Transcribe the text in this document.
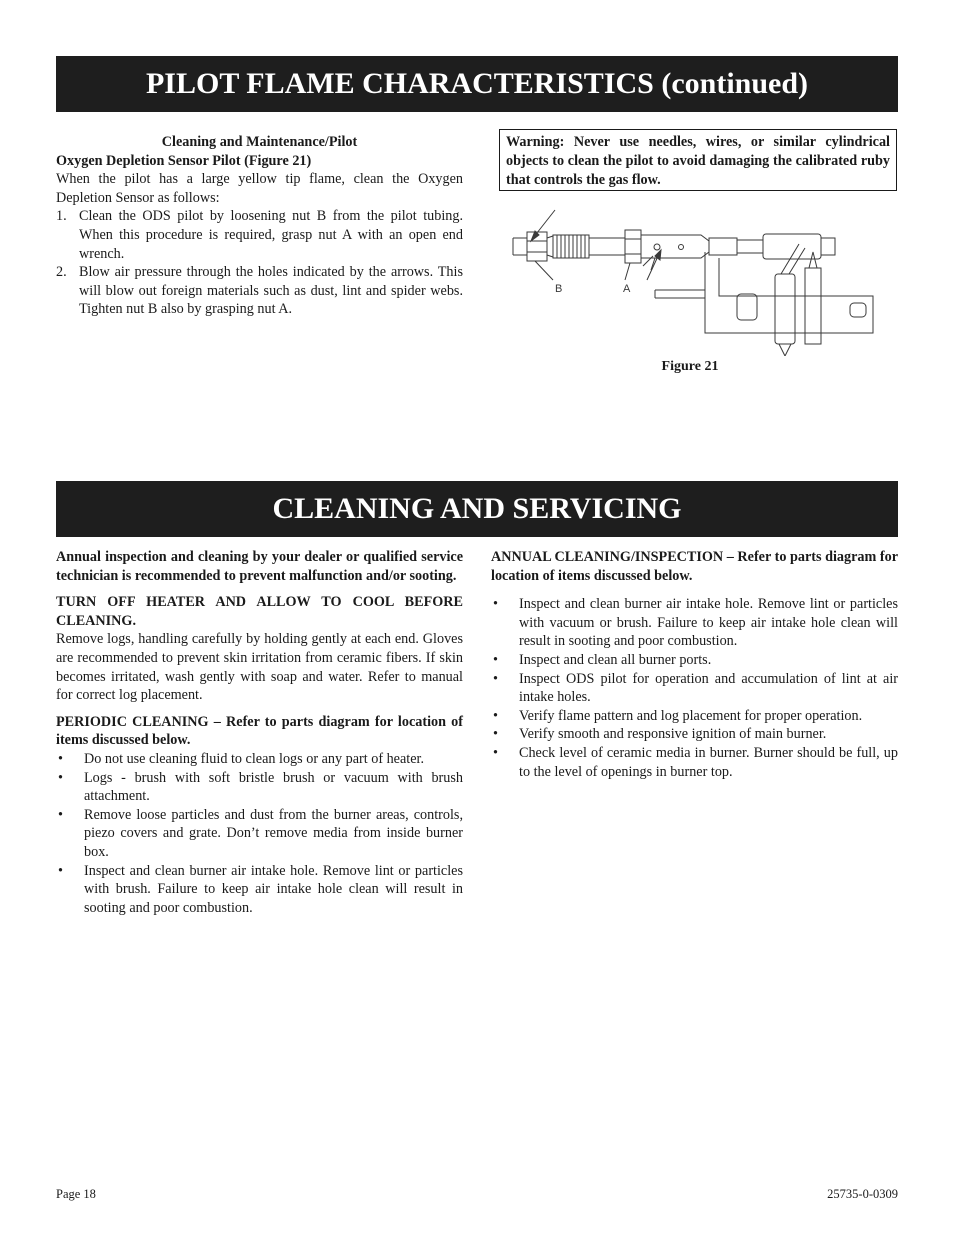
PILOT FLAME CHARACTERISTICS (continued)

Cleaning and Maintenance/Pilot

Oxygen Depletion Sensor Pilot (Figure 21)

When the pilot has a large yellow tip flame, clean the Oxygen Depletion Sensor as follows:

1. Clean the ODS pilot by loosening nut B from the pilot tubing. When this procedure is required, grasp nut A with an open end wrench.
2. Blow air pressure through the holes indicated by the arrows. This will blow out foreign materials such as dust, lint and spider webs. Tighten nut B also by grasping nut A.
Warning: Never use needles, wires, or similar cylindrical objects to clean the pilot to avoid damaging the calibrated ruby that controls the gas flow.
B	A
Figure 21
CLEANING AND SERVICING

Annual inspection and cleaning by your dealer or qualified service technician is recommended to prevent malfunction and/or sooting.

TURN OFF HEATER AND ALLOW TO COOL BEFORE CLEANING.

Remove logs, handling carefully by holding gently at each end. Gloves are recommended to prevent skin irritation from ceramic fibers. If skin becomes irritated, wash gently with soap and water. Refer to manual for correct log placement.

PERIODIC CLEANING – Refer to parts diagram for location of items discussed below.

• Do not use cleaning fluid to clean logs or any part of heater.
• Logs - brush with soft bristle brush or vacuum with brush attachment.
• Remove loose particles and dust from the burner areas, controls, piezo covers and grate. Don’t remove media from inside burner box.
• Inspect and clean burner air intake hole. Remove lint or particles with brush. Failure to keep air intake hole clean will result in sooting and poor combustion.

ANNUAL CLEANING/INSPECTION – Refer to parts diagram for location of items discussed below.

• Inspect and clean burner air intake hole. Remove lint or particles with vacuum or brush. Failure to keep air intake hole clean will result in sooting and poor combustion.
• Inspect and clean all burner ports.
• Inspect ODS pilot for operation and accumulation of lint at air intake holes.
• Verify flame pattern and log placement for proper operation.
• Verify smooth and responsive ignition of main burner.
• Check level of ceramic media in burner. Burner should be full, up to the level of openings in burner top.
Page 18	25735-0-0309
